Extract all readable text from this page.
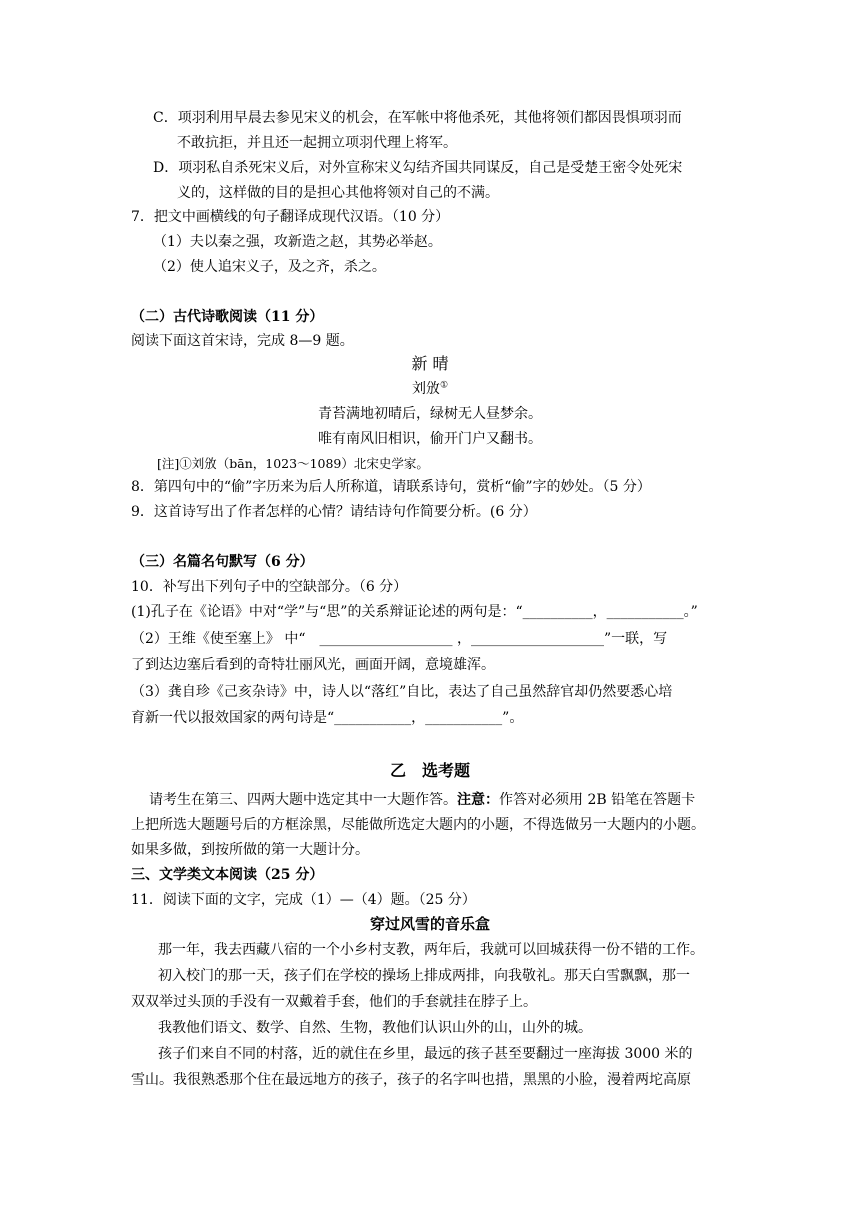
C．项羽利用早晨去参见宋义的机会，在军帐中将他杀死，其他将领们都因畏惧项羽而
不敢抗拒，并且还一起拥立项羽代理上将军。
D．项羽私自杀死宋义后，对外宣称宋义勾结齐国共同谋反，自己是受楚王密令处死宋
义的，这样做的目的是担心其他将领对自己的不满。
7．把文中画横线的句子翻译成现代汉语。（10 分）
（1）夫以秦之强，攻新造之赵，其势必举赵。
（2）使人追宋义子，及之齐，杀之。
（二）古代诗歌阅读（11 分）
阅读下面这首宋诗，完成 8—9 题。
新 晴
刘攽①
青苔满地初晴后，绿树无人昼梦余。
唯有南风旧相识，偷开门户又翻书。
[注]①刘攽（bān，1023～1089）北宋史学家。
8．第四句中的“偷”字历来为后人所称道，请联系诗句，赏析“偷”字的妙处。（5 分）
9．这首诗写出了作者怎样的心情？请结诗句作简要分析。(6 分）
（三）名篇名句默写（6 分）
10．补写出下列句子中的空缺部分。（6 分）
(1)孔子在《论语》中对“学”与“思”的关系辩证论述的两句是：“__________，___________。”
（2）王维《使至塞上》 中“　___________________ ，___________________”一联，写
了到达边塞后看到的奇特壮丽风光，画面开阔，意境雄浑。
（3）龚自珍《己亥杂诗》中，诗人以“落红”自比，表达了自己虽然辞官却仍然要悉心培
育新一代以报效国家的两句诗是“___________，___________”。
乙　选考题
请考生在第三、四两大题中选定其中一大题作答。注意：作答对必须用 2B 铅笔在答题卡
上把所选大题题号后的方框涂黑，尽能做所选定大题内的小题，不得选做另一大题内的小题。
如果多做，到按所做的第一大题计分。
三、文学类文本阅读（25 分）
11．阅读下面的文字，完成（1）—（4）题。（25 分）
穿过风雪的音乐盒
那一年，我去西藏八宿的一个小乡村支教，两年后，我就可以回城获得一份不错的工作。
初入校门的那一天，孩子们在学校的操场上排成两排，向我敬礼。那天白雪飘飘，那一
双双举过头顶的手没有一双戴着手套，他们的手套就挂在脖子上。
我教他们语文、数学、自然、生物，教他们认识山外的山，山外的城。
孩子们来自不同的村落，近的就住在乡里，最远的孩子甚至要翻过一座海拔 3000 米的
雪山。我很熟悉那个住在最远地方的孩子，孩子的名字叫也措，黑黑的小脸，漫着两坨高原
